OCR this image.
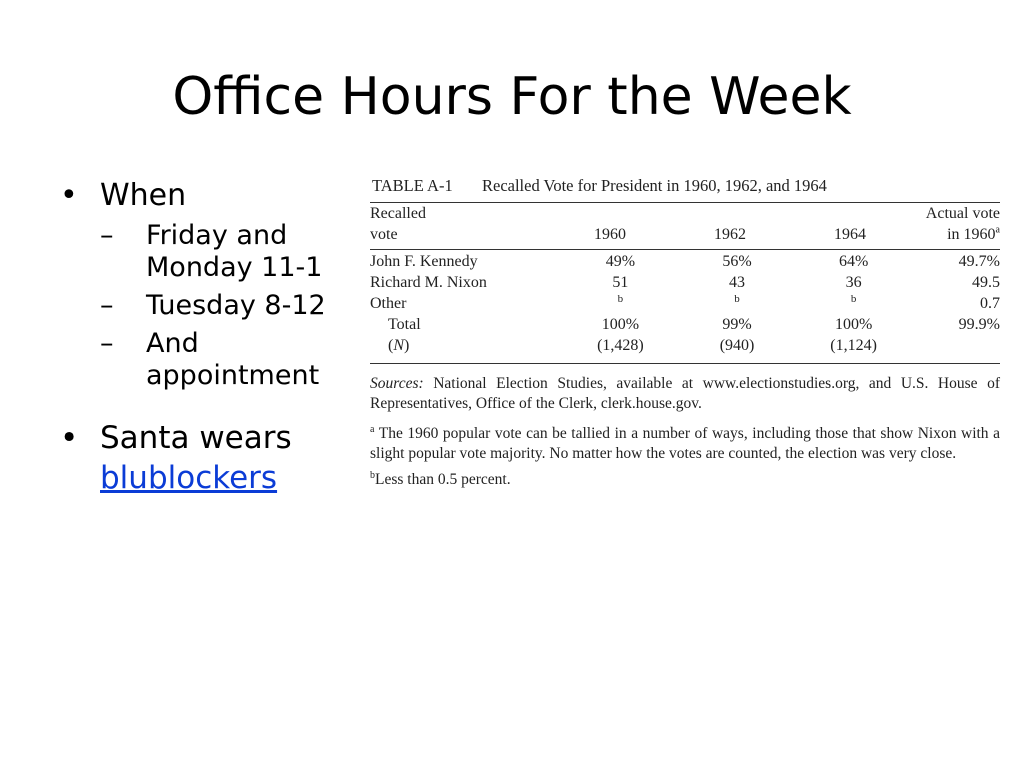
Office Hours For the Week
• When
– Friday and Monday 11-1
– Tuesday 8-12
– And appointment
• Santa wears
blublockers
TABLE A-1 Recalled Vote for President in 1960, 1962, and 1964
Recalled				Actual vote
vote	1960	1962	1964	in 1960$^a$
John F. Kennedy	49%	56%	64%	49.7%
Richard M. Nixon	51	43	36	49.5
Other	$^b$	$^b$	$^b$	0.7
Total	100%	99%	100%	99.9%
(N)	(1,428)	(940)	(1,124)	
Sources: National Election Studies, available at www.electionstudies.org, and U.S. House of Representatives, Office of the Clerk, clerk.house.gov.
$^a$ The 1960 popular vote can be tallied in a number of ways, including those that show Nixon with a slight popular vote majority. No matter how the votes are counted, the election was very close.
$^b$Less than 0.5 percent.
